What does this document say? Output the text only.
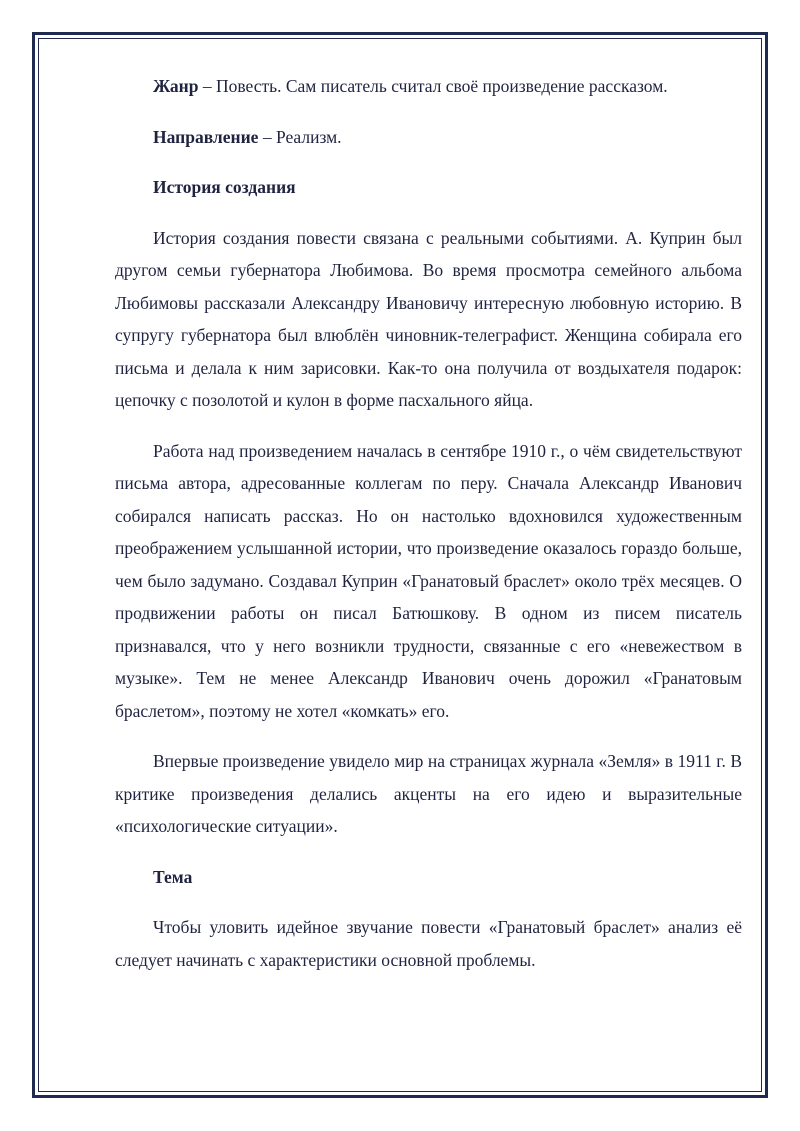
Жанр – Повесть. Сам писатель считал своё произведение рассказом.

Направление – Реализм.

История создания

История создания повести связана с реальными событиями. А. Куприн был другом семьи губернатора Любимова. Во время просмотра семейного альбома Любимовы рассказали Александру Ивановичу интересную любовную историю. В супругу губернатора был влюблён чиновник-телеграфист. Женщина собирала его письма и делала к ним зарисовки. Как-то она получила от воздыхателя подарок: цепочку с позолотой и кулон в форме пасхального яйца.

Работа над произведением началась в сентябре 1910 г., о чём свидетельствуют письма автора, адресованные коллегам по перу. Сначала Александр Иванович собирался написать рассказ. Но он настолько вдохновился художественным преображением услышанной истории, что произведение оказалось гораздо больше, чем было задумано. Создавал Куприн «Гранатовый браслет» около трёх месяцев. О продвижении работы он писал Батюшкову. В одном из писем писатель признавался, что у него возникли трудности, связанные с его «невежеством в музыке». Тем не менее Александр Иванович очень дорожил «Гранатовым браслетом», поэтому не хотел «комкать» его.

Впервые произведение увидело мир на страницах журнала «Земля» в 1911 г. В критике произведения делались акценты на его идею и выразительные «психологические ситуации».

Тема

Чтобы уловить идейное звучание повести «Гранатовый браслет» анализ её следует начинать с характеристики основной проблемы.
